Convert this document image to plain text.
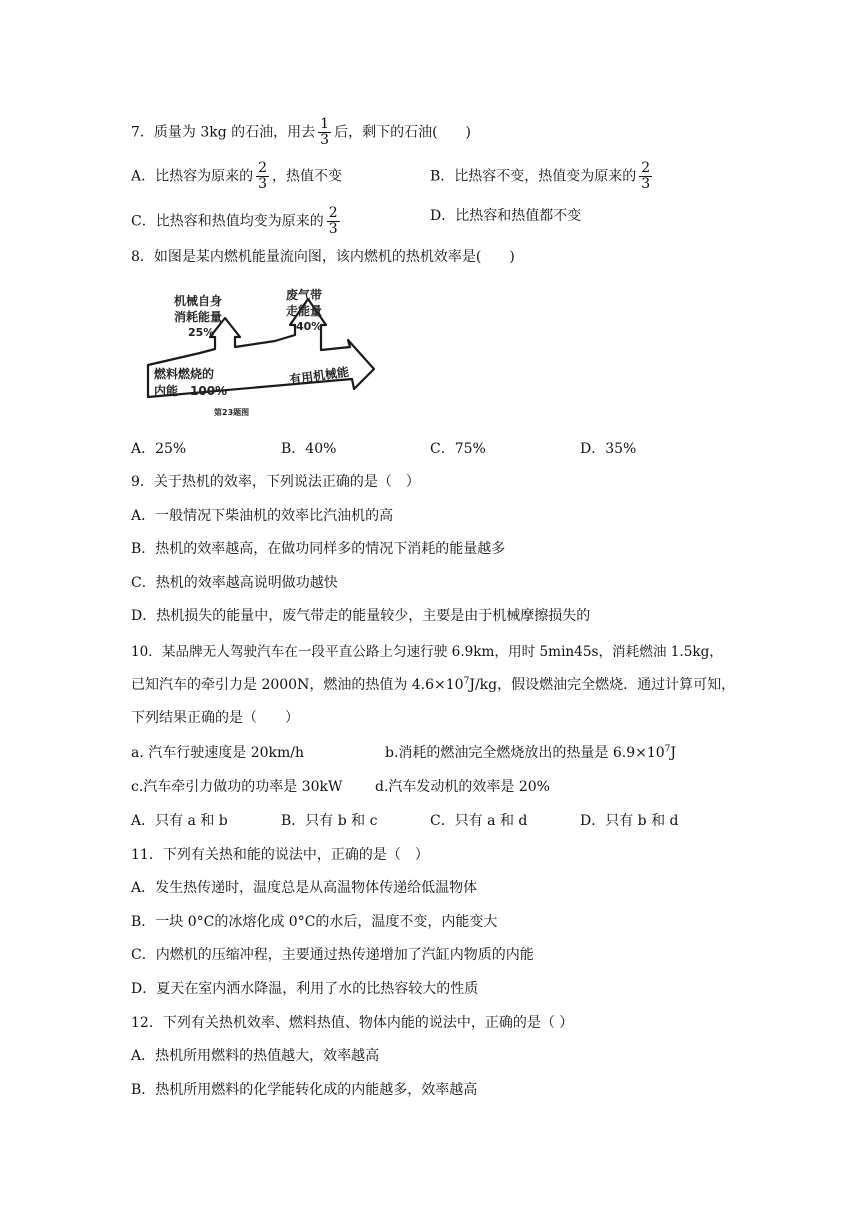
7．质量为 3kg 的石油，用去 $\frac{1}{3}$ 后，剩下的石油(　　)
A．比热容为原来的 $\frac{2}{3}$ ，热值不变	B．比热容不变，热值变为原来的 $\frac{2}{3}$
C．比热容和热值均变为原来的 $\frac{2}{3}$	D．比热容和热值都不变
8．如图是某内燃机能量流向图，该内燃机的热机效率是(　　)
机械自身
消耗能量
25%
废气带
走能量
40%
燃料燃烧的
内能　100%
有用机械能
第23题图
A．25%	B．40%	C．75%	D．35%
9．关于热机的效率，下列说法正确的是（　）
A．一般情况下柴油机的效率比汽油机的高
B．热机的效率越高，在做功同样多的情况下消耗的能量越多
C．热机的效率越高说明做功越快
D．热机损失的能量中，废气带走的能量较少，主要是由于机械摩擦损失的
10．某品牌无人驾驶汽车在一段平直公路上匀速行驶 6.9km，用时 5min45s，消耗燃油 1.5kg，
已知汽车的牵引力是 2000N，燃油的热值为 $4.6\times 10^7J/kg$，假设燃油完全燃烧．通过计算可知，
下列结果正确的是（　　）
a. 汽车行驶速度是 20km/h	b.消耗的燃油完全燃烧放出的热量是 $6.9\times 10^7J$
c.汽车牵引力做功的功率是 30kW d.汽车发动机的效率是 20%
A．只有 a 和 b	B．只有 b 和 c	C．只有 a 和 d	D．只有 b 和 d
11．下列有关热和能的说法中，正确的是（　）
A．发生热传递时，温度总是从高温物体传递给低温物体
B．一块 0°C的冰熔化成 0°C的水后，温度不变，内能变大
C．内燃机的压缩冲程，主要通过热传递增加了汽缸内物质的内能
D．夏天在室内洒水降温，利用了水的比热容较大的性质
12．下列有关热机效率、燃料热值、物体内能的说法中，正确的是（ ）
A．热机所用燃料的热值越大，效率越高
B．热机所用燃料的化学能转化成的内能越多，效率越高
